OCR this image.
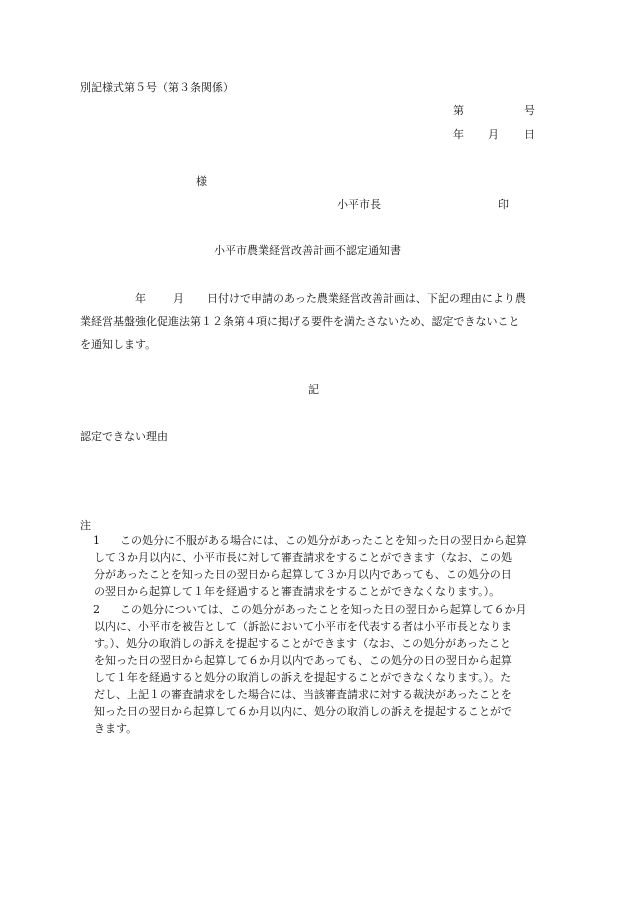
別記様式第５号（第３条関係）
第	号
年 月 日
様
小平市長	印
小平市農業経営改善計画不認定通知書
年 月 日付けで申請のあった農業経営改善計画は、下記の理由により農
業経営基盤強化促進法第１２条第４項に掲げる要件を満たさないため、認定できないこと
を通知します。
記
認定できない理由
注
1 この処分に不服がある場合には、この処分があったことを知った日の翌日から起算
して３か月以内に、小平市長に対して審査請求をすることができます（なお、この処
分があったことを知った日の翌日から起算して３か月以内であっても、この処分の日
の翌日から起算して１年を経過すると審査請求をすることができなくなります。）。
2 この処分については、この処分があったことを知った日の翌日から起算して６か月
以内に、小平市を被告として（訴訟において小平市を代表する者は小平市長となりま
す。）、処分の取消しの訴えを提起することができます（なお、この処分があったこと
を知った日の翌日から起算して６か月以内であっても、この処分の日の翌日から起算
して１年を経過すると処分の取消しの訴えを提起することができなくなります。）。た
だし、上記１の審査請求をした場合には、当該審査請求に対する裁決があったことを
知った日の翌日から起算して６か月以内に、処分の取消しの訴えを提起することがで
きます。
